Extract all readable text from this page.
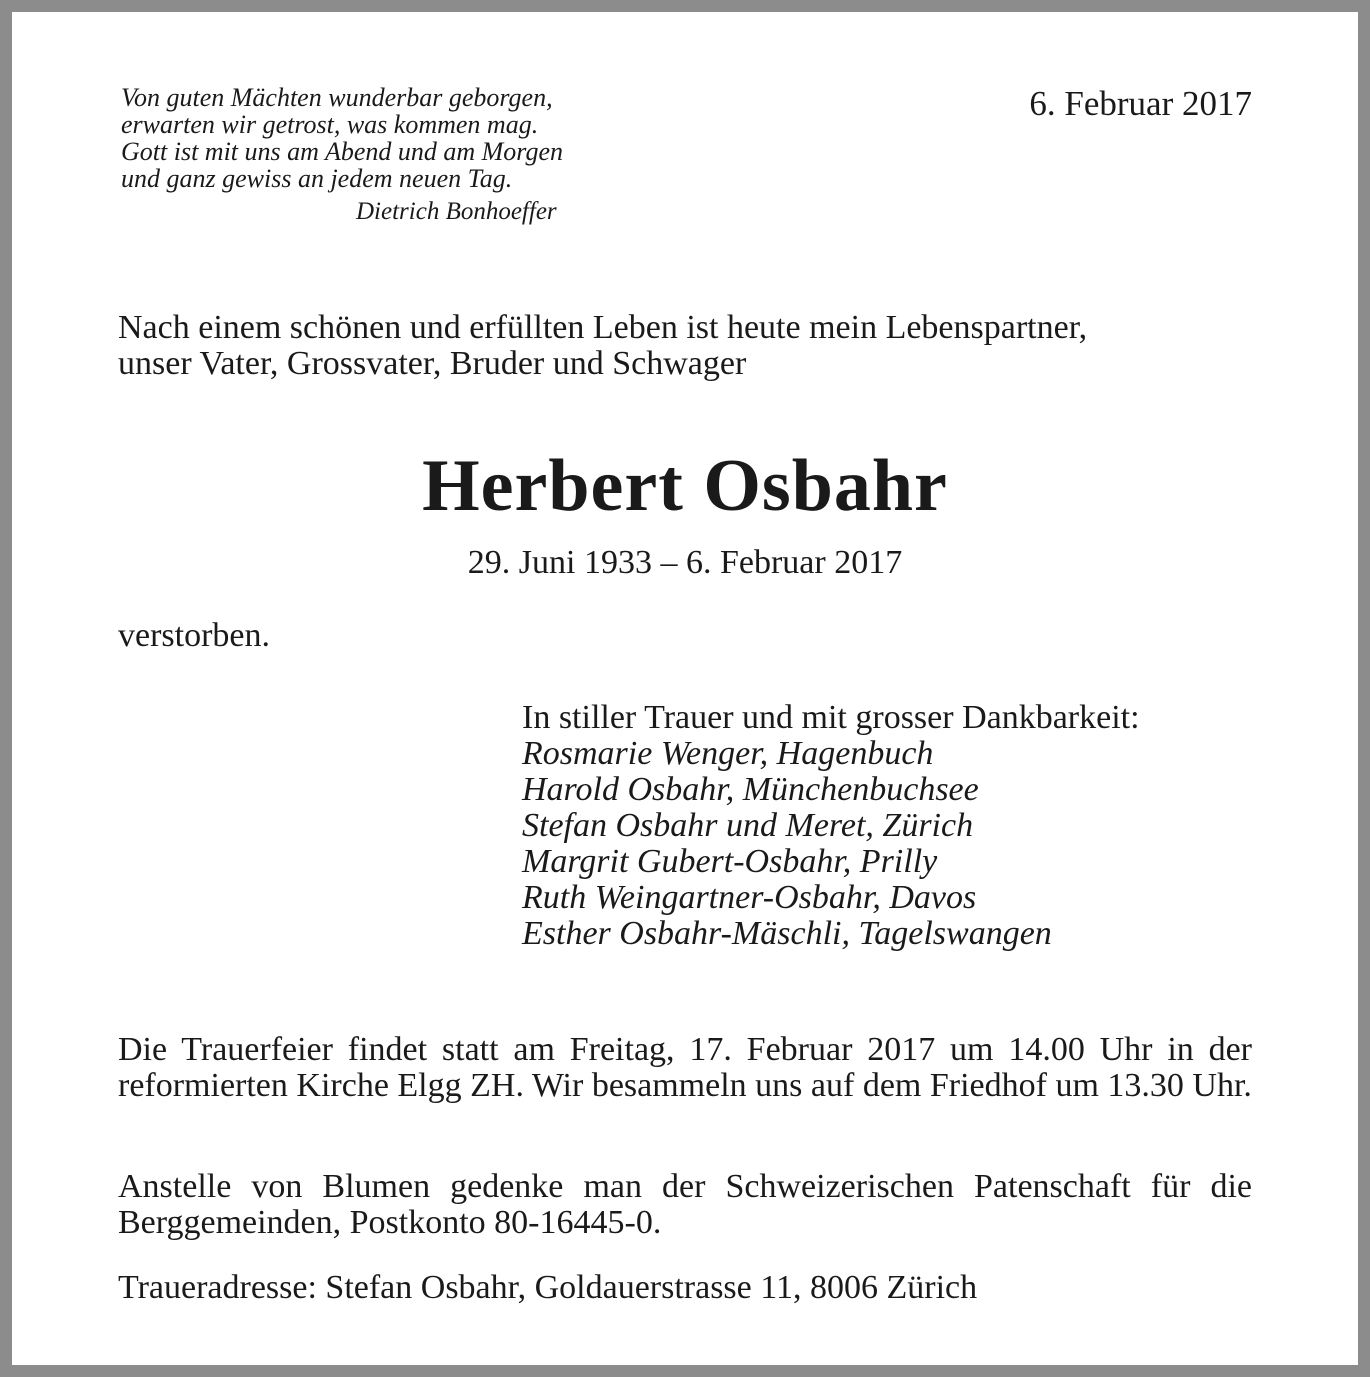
Von guten Mächten wunderbar geborgen,
erwarten wir getrost, was kommen mag.
Gott ist mit uns am Abend und am Morgen
und ganz gewiss an jedem neuen Tag.
Dietrich Bonhoeffer
6. Februar 2017
Nach einem schönen und erfüllten Leben ist heute mein Lebenspartner,
unser Vater, Grossvater, Bruder und Schwager
Herbert Osbahr
29. Juni 1933 – 6. Februar 2017
verstorben.
In stiller Trauer und mit grosser Dankbarkeit:
Rosmarie Wenger, Hagenbuch
Harold Osbahr, Münchenbuchsee
Stefan Osbahr und Meret, Zürich
Margrit Gubert-Osbahr, Prilly
Ruth Weingartner-Osbahr, Davos
Esther Osbahr-Mäschli, Tagelswangen

Die Trauerfeier findet statt am Freitag, 17. Februar 2017 um 14.00 Uhr in der reformierten Kirche Elgg ZH. Wir besammeln uns auf dem Friedhof um 13.30 Uhr.

Anstelle von Blumen gedenke man der Schweizerischen Patenschaft für die Berggemeinden, Postkonto 80-16445-0.

Traueradresse: Stefan Osbahr, Goldauerstrasse 11, 8006 Zürich
